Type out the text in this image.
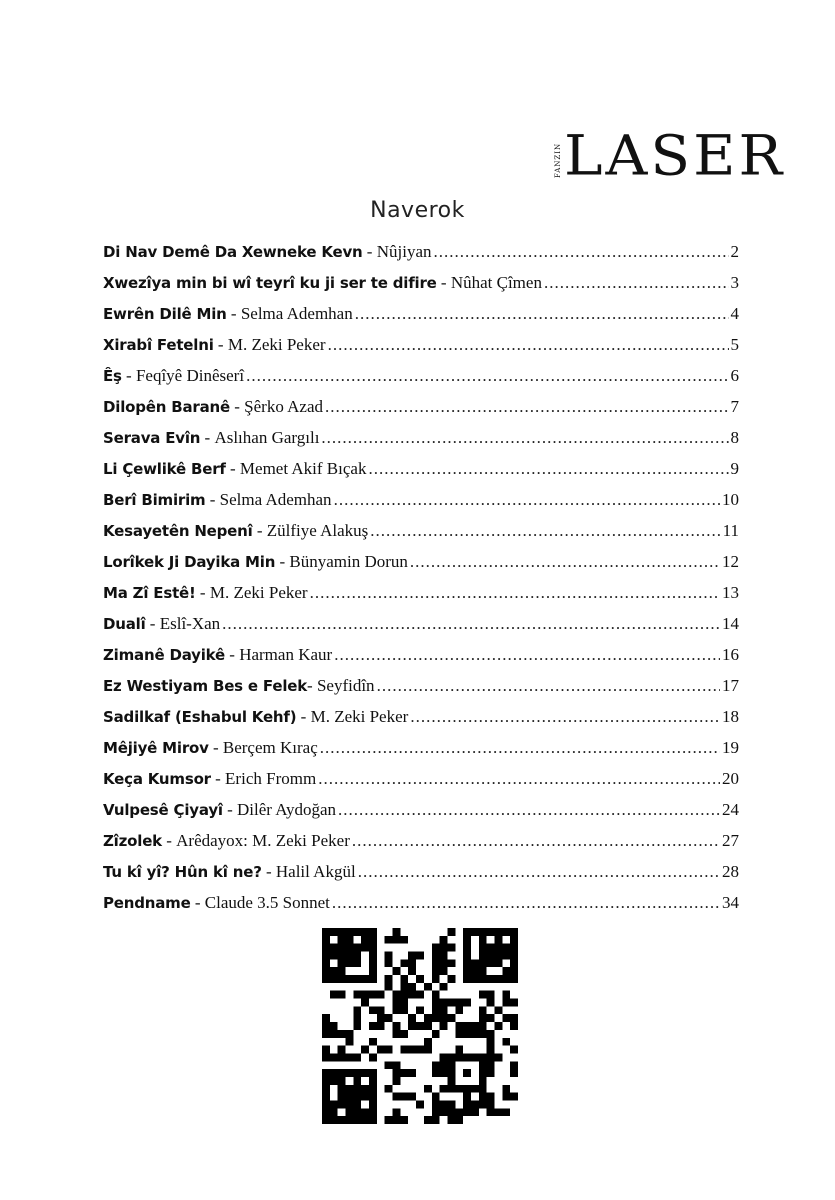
FANZIN LASER
Naverok
Di Nav Demê Da Xewneke Kevn - Nûjiyan .....	2
Xwezîya min bi wî teyrî ku ji ser te difire - Nûhat Çîmen .....	3
Ewrên Dilê Min - Selma Ademhan .....	4
Xirabî Fetelni - M. Zeki Peker .....	5
Êş - Feqîyê Dinêserî .....	6
Dilopên Baranê - Şêrko Azad .....	7
Serava Evîn - Aslıhan Gargılı .....	8
Li Çewlikê Berf - Memet Akif Bıçak .....	9
Berî Bimirim - Selma Ademhan .....	10
Kesayetên Nepenî - Zülfiye Alakuş .....	11
Lorîkek Ji Dayika Min - Bünyamin Dorun .....	12
Ma Zî Estê! - M. Zeki Peker .....	13
Dualî - Eslî-Xan .....	14
Zimanê Dayikê - Harman Kaur .....	16
Ez Westiyam Bes e Felek - Seyfidîn .....	17
Sadilkaf (Eshabul Kehf) - M. Zeki Peker .....	18
Mêjiyê Mirov - Berçem Kıraç .....	19
Keça Kumsor - Erich Fromm .....	20
Vulpesê Çiyayî - Dilêr Aydoğan .....	24
Zîzolek - Arêdayox: M. Zeki Peker .....	27
Tu kî yî? Hûn kî ne? - Halil Akgül .....	28
Pendname - Claude 3.5 Sonnet .....	34
